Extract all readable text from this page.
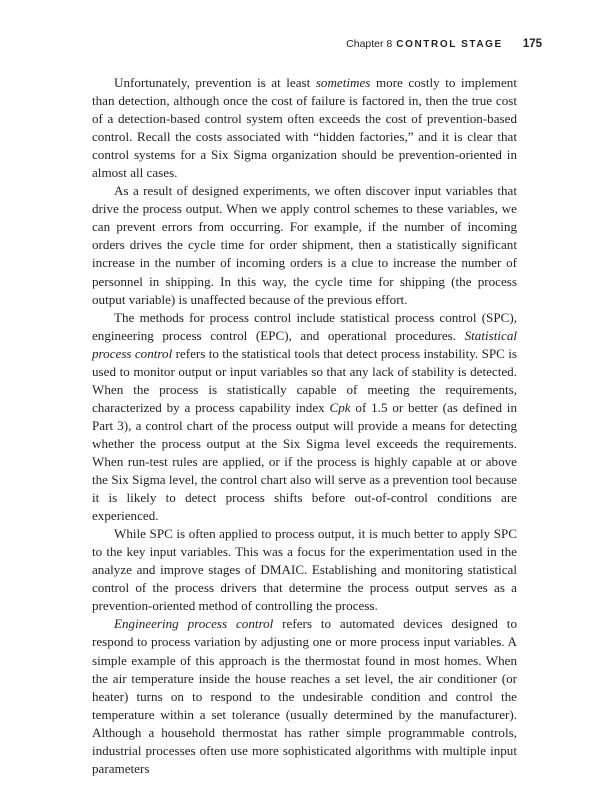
Chapter 8 CONTROL STAGE 175

Unfortunately, prevention is at least sometimes more costly to implement than detection, although once the cost of failure is factored in, then the true cost of a detection-based control system often exceeds the cost of prevention-based control. Recall the costs associated with “hidden factories,” and it is clear that control systems for a Six Sigma organization should be prevention-oriented in almost all cases.

As a result of designed experiments, we often discover input variables that drive the process output. When we apply control schemes to these variables, we can prevent errors from occurring. For example, if the number of incoming orders drives the cycle time for order shipment, then a statistically significant increase in the number of incoming orders is a clue to increase the number of personnel in shipping. In this way, the cycle time for shipping (the process output variable) is unaffected because of the previous effort.

The methods for process control include statistical process control (SPC), engineering process control (EPC), and operational procedures. Statistical process control refers to the statistical tools that detect process instability. SPC is used to monitor output or input variables so that any lack of stability is detected. When the process is statistically capable of meeting the requirements, characterized by a process capability index Cpk of 1.5 or better (as defined in Part 3), a control chart of the process output will provide a means for detecting whether the process output at the Six Sigma level exceeds the requirements. When run-test rules are applied, or if the process is highly capable at or above the Six Sigma level, the control chart also will serve as a prevention tool because it is likely to detect process shifts before out-of-control conditions are experienced.

While SPC is often applied to process output, it is much better to apply SPC to the key input variables. This was a focus for the experimentation used in the analyze and improve stages of DMAIC. Establishing and monitoring statistical control of the process drivers that determine the process output serves as a prevention-oriented method of controlling the process.

Engineering process control refers to automated devices designed to respond to process variation by adjusting one or more process input variables. A simple example of this approach is the thermostat found in most homes. When the air temperature inside the house reaches a set level, the air conditioner (or heater) turns on to respond to the undesirable condition and control the temperature within a set tolerance (usually determined by the manufacturer). Although a household thermostat has rather simple programmable controls, industrial processes often use more sophisticated algorithms with multiple input parameters
